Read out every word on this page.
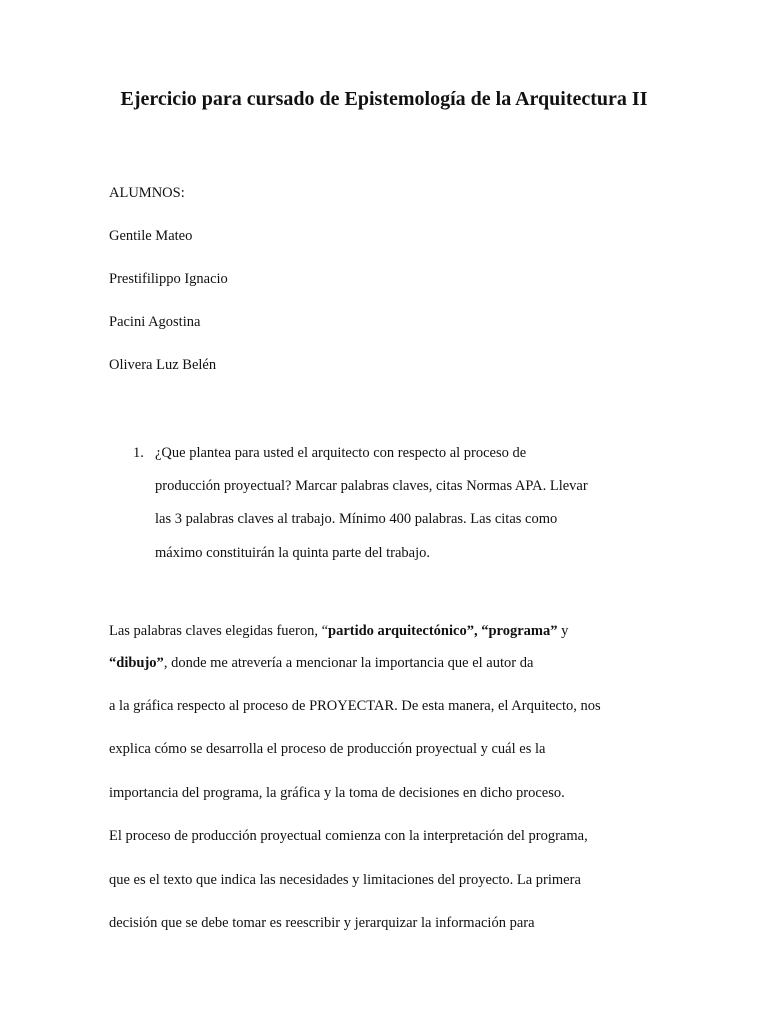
Ejercicio para cursado de Epistemología de la Arquitectura II
ALUMNOS:
Gentile Mateo
Prestifilippo Ignacio
Pacini Agostina
Olivera Luz Belén
1. ¿Que plantea para usted el arquitecto con respecto al proceso de
producción proyectual? Marcar palabras claves, citas Normas APA. Llevar
las 3 palabras claves al trabajo. Mínimo 400 palabras. Las citas como
máximo constituirán la quinta parte del trabajo.
Las palabras claves elegidas fueron, “partido arquitectónico”, “programa” y
“dibujo”, donde me atrevería a mencionar la importancia que el autor da
a la gráfica respecto al proceso de PROYECTAR. De esta manera, el Arquitecto, nos
explica cómo se desarrolla el proceso de producción proyectual y cuál es la
importancia del programa, la gráfica y la toma de decisiones en dicho proceso.
El proceso de producción proyectual comienza con la interpretación del programa,
que es el texto que indica las necesidades y limitaciones del proyecto. La primera
decisión que se debe tomar es reescribir y jerarquizar la información para
